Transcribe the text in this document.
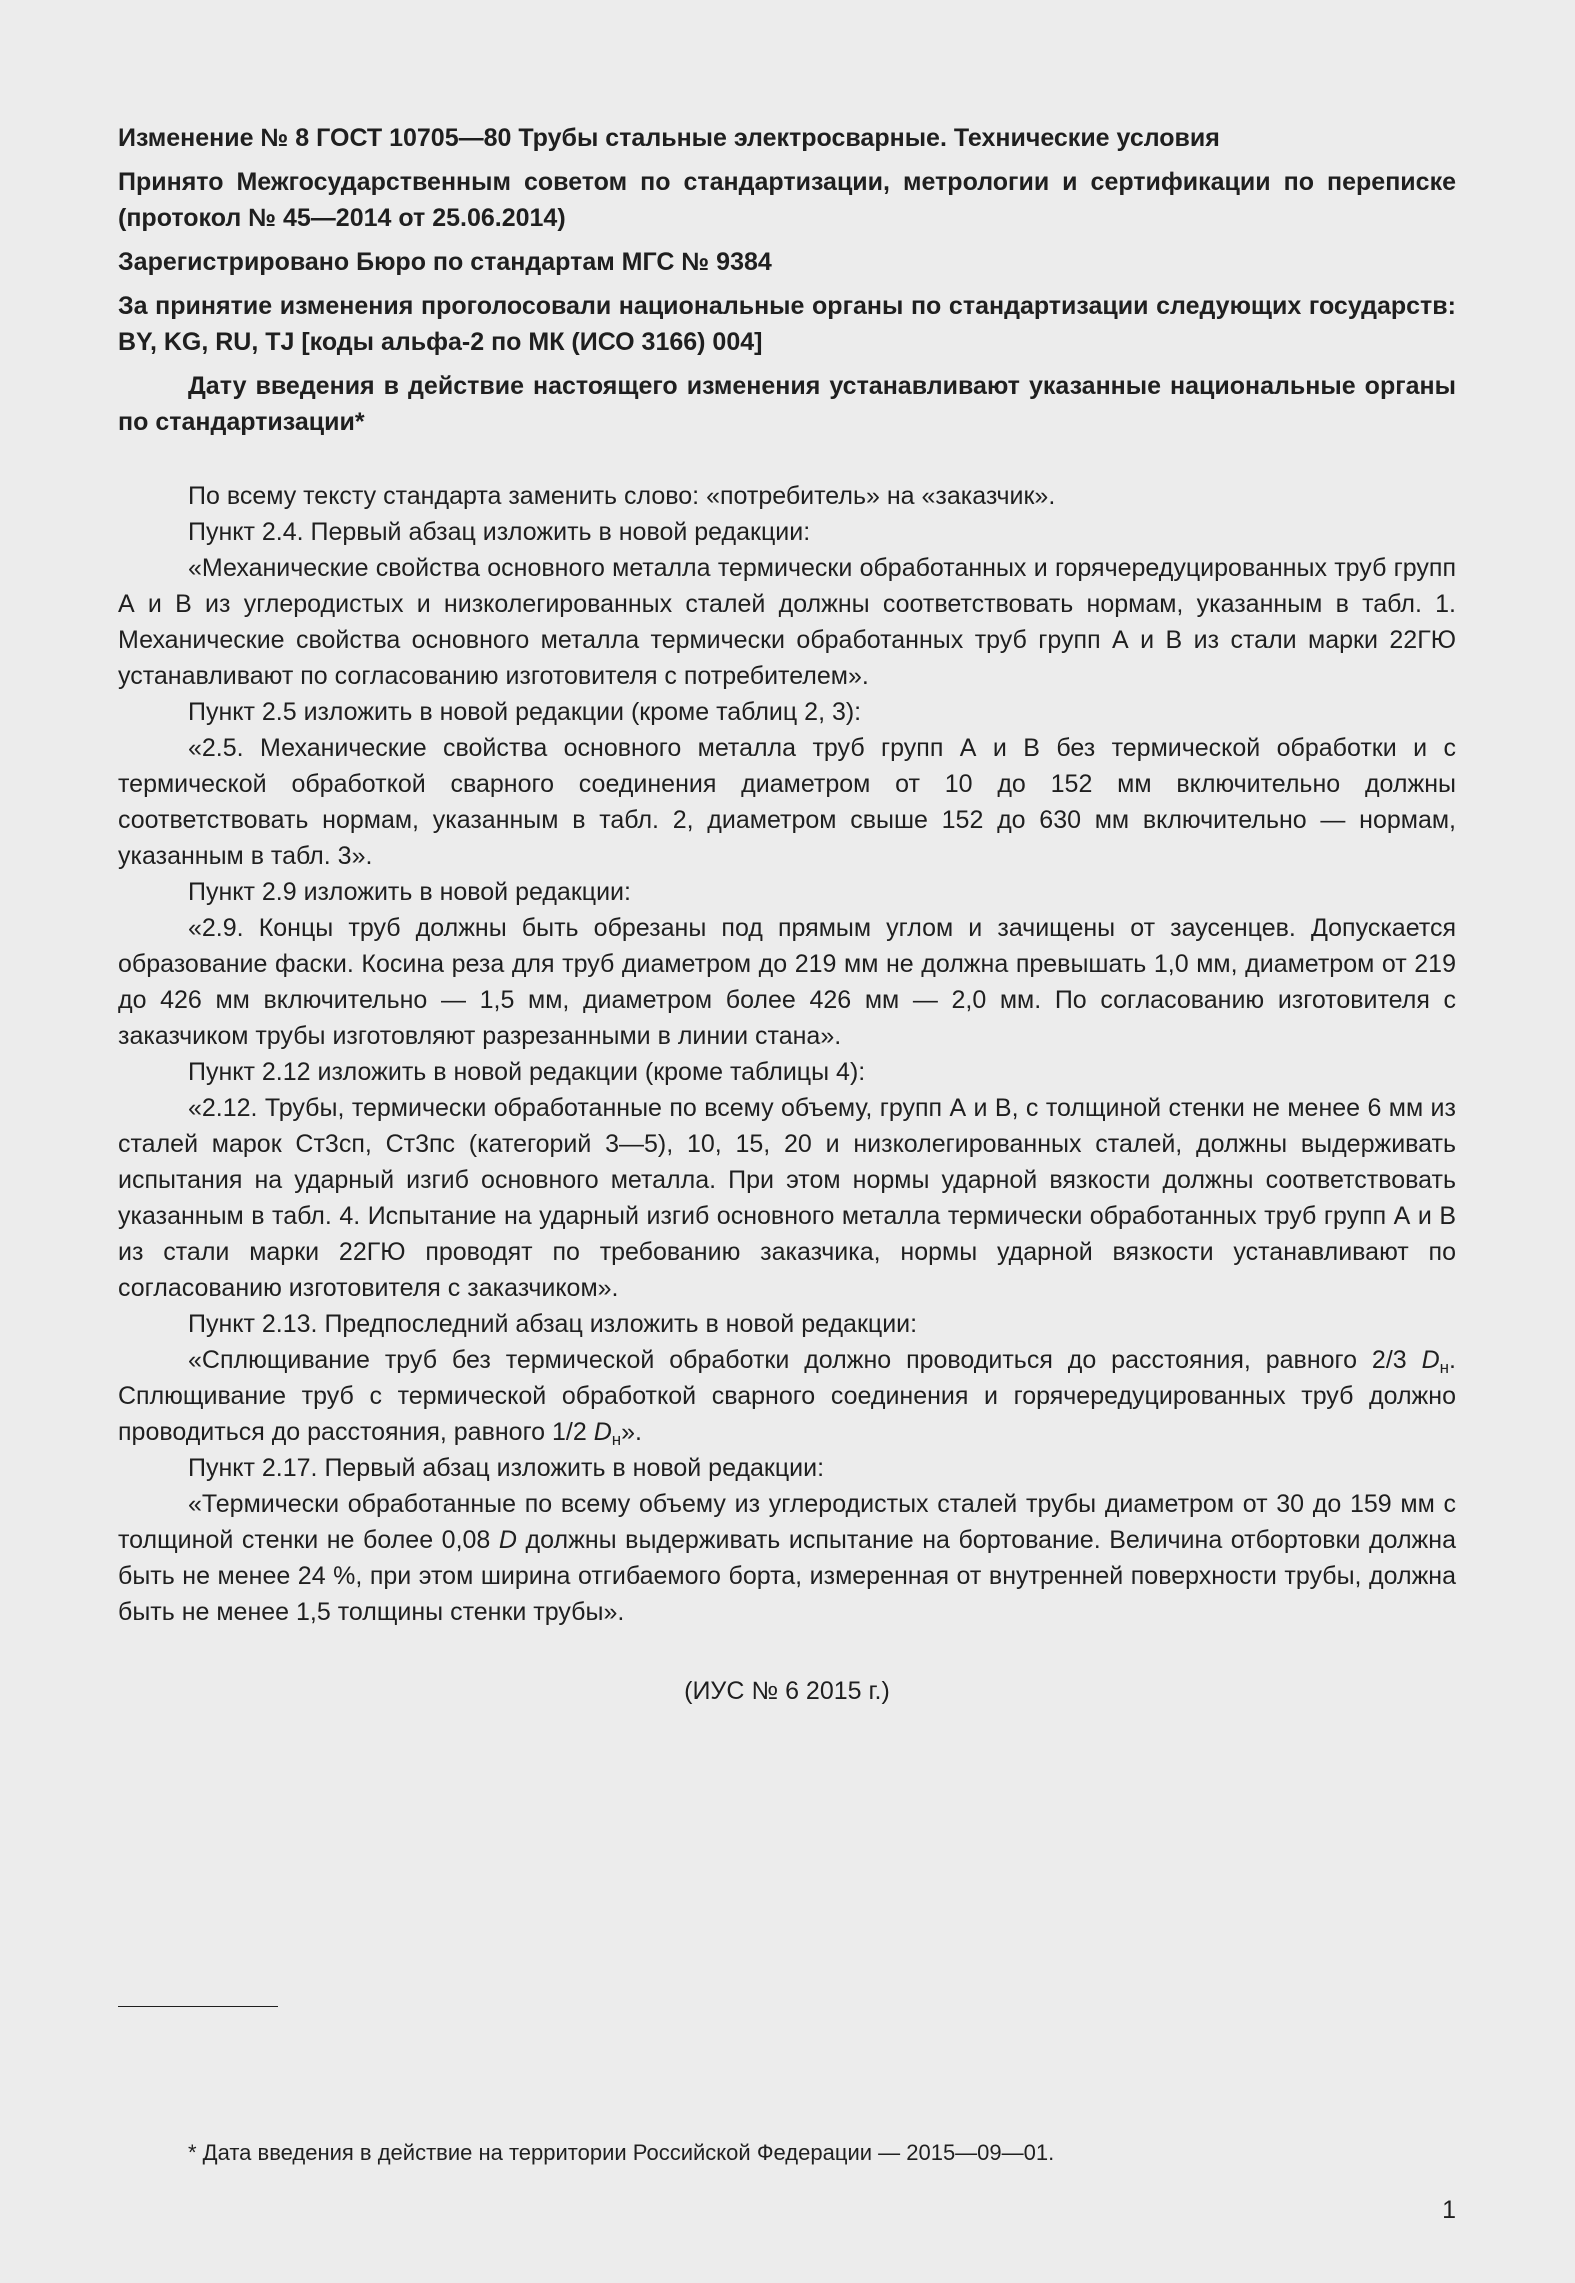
Изменение № 8 ГОСТ 10705—80 Трубы стальные электросварные. Технические условия

Принято Межгосударственным советом по стандартизации, метрологии и сертификации по переписке (протокол № 45—2014 от 25.06.2014)

Зарегистрировано Бюро по стандартам МГС № 9384

За принятие изменения проголосовали национальные органы по стандартизации следующих государств: BY, KG, RU, TJ [коды альфа-2 по МК (ИСО 3166) 004]

Дату введения в действие настоящего изменения устанавливают указанные национальные органы по стандартизации*

По всему тексту стандарта заменить слово: «потребитель» на «заказчик».

Пункт 2.4. Первый абзац изложить в новой редакции:

«Механические свойства основного металла термически обработанных и горячередуцированных труб групп А и В из углеродистых и низколегированных сталей должны соответствовать нормам, указанным в табл. 1. Механические свойства основного металла термически обработанных труб групп А и В из стали марки 22ГЮ устанавливают по согласованию изготовителя с потребителем».

Пункт 2.5 изложить в новой редакции (кроме таблиц 2, 3):

«2.5. Механические свойства основного металла труб групп А и В без термической обработки и с термической обработкой сварного соединения диаметром от 10 до 152 мм включительно должны соответствовать нормам, указанным в табл. 2, диаметром свыше 152 до 630 мм включительно — нормам, указанным в табл. 3».

Пункт 2.9 изложить в новой редакции:

«2.9. Концы труб должны быть обрезаны под прямым углом и зачищены от заусенцев. Допускается образование фаски. Косина реза для труб диаметром до 219 мм не должна превышать 1,0 мм, диаметром от 219 до 426 мм включительно — 1,5 мм, диаметром более 426 мм — 2,0 мм. По согласованию изготовителя с заказчиком трубы изготовляют разрезанными в линии стана».

Пункт 2.12 изложить в новой редакции (кроме таблицы 4):

«2.12. Трубы, термически обработанные по всему объему, групп А и В, с толщиной стенки не менее 6 мм из сталей марок Ст3сп, Ст3пс (категорий 3—5), 10, 15, 20 и низколегированных сталей, должны выдерживать испытания на ударный изгиб основного металла. При этом нормы ударной вязкости должны соответствовать указанным в табл. 4. Испытание на ударный изгиб основного металла термически обработанных труб групп А и В из стали марки 22ГЮ проводят по требованию заказчика, нормы ударной вязкости устанавливают по согласованию изготовителя с заказчиком».

Пункт 2.13. Предпоследний абзац изложить в новой редакции:

«Сплющивание труб без термической обработки должно проводиться до расстояния, равного 2/3 $D_н$. Сплющивание труб с термической обработкой сварного соединения и горячередуцированных труб должно проводиться до расстояния, равного 1/2 $D_н$».

Пункт 2.17. Первый абзац изложить в новой редакции:

«Термически обработанные по всему объему из углеродистых сталей трубы диаметром от 30 до 159 мм с толщиной стенки не более 0,08 D должны выдерживать испытание на бортование. Величина отбортовки должна быть не менее 24 %, при этом ширина отгибаемого борта, измеренная от внутренней поверхности трубы, должна быть не менее 1,5 толщины стенки трубы».

(ИУС № 6 2015 г.)
* Дата введения в действие на территории Российской Федерации — 2015—09—01.
1
